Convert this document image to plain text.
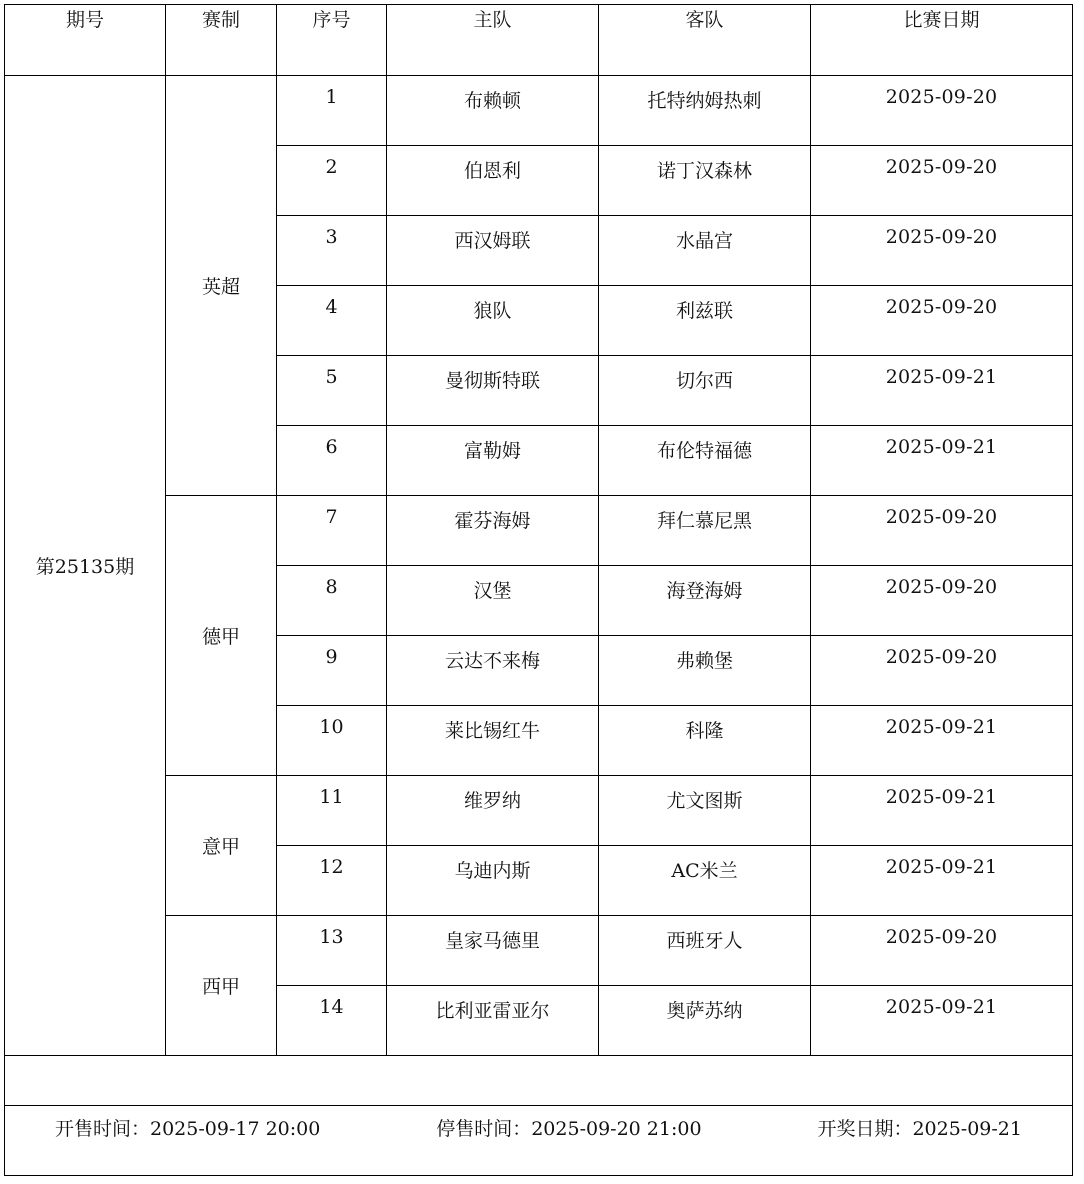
期号	赛制	序号	主队	客队	比赛日期
第25135期	英超	1	布赖顿	托特纳姆热刺	2025-09-20
		2	伯恩利	诺丁汉森林	2025-09-20
		3	西汉姆联	水晶宫	2025-09-20
		4	狼队	利兹联	2025-09-20
		5	曼彻斯特联	切尔西	2025-09-21
		6	富勒姆	布伦特福德	2025-09-21
	德甲	7	霍芬海姆	拜仁慕尼黑	2025-09-20
		8	汉堡	海登海姆	2025-09-20
		9	云达不来梅	弗赖堡	2025-09-20
		10	莱比锡红牛	科隆	2025-09-21
	意甲	11	维罗纳	尤文图斯	2025-09-21
		12	乌迪内斯	AC米兰	2025-09-21
	西甲	13	皇家马德里	西班牙人	2025-09-20
		14	比利亚雷亚尔	奥萨苏纳	2025-09-21

开售时间：2025-09-17 20:00 停售时间：2025-09-20 21:00 开奖日期：2025-09-21					
